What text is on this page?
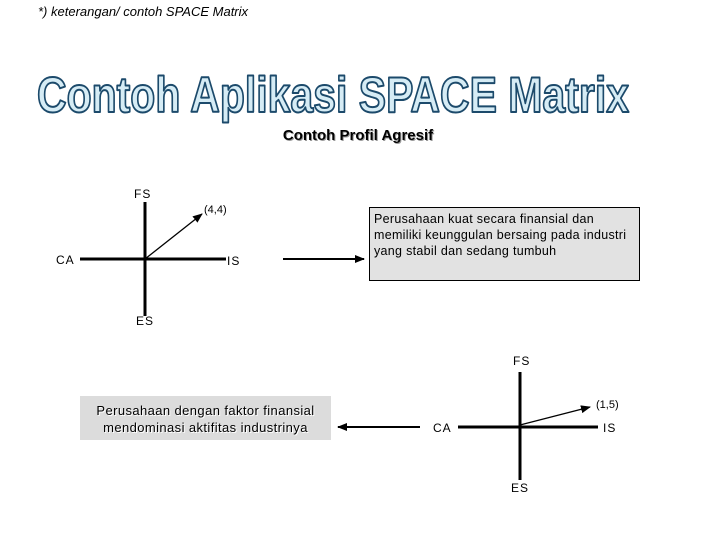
*) keterangan/ contoh SPACE Matrix
Contoh Aplikasi SPACE Matrix
FS
CA	IS
ES
(4,4)
FS
CA	IS
ES
(1,5)
Contoh Profil Agresif
Perusahaan kuat secara finansial dan memiliki keunggulan bersaing pada industri yang stabil dan sedang tumbuh
Perusahaan dengan faktor finansial mendominasi aktifitas industrinya
